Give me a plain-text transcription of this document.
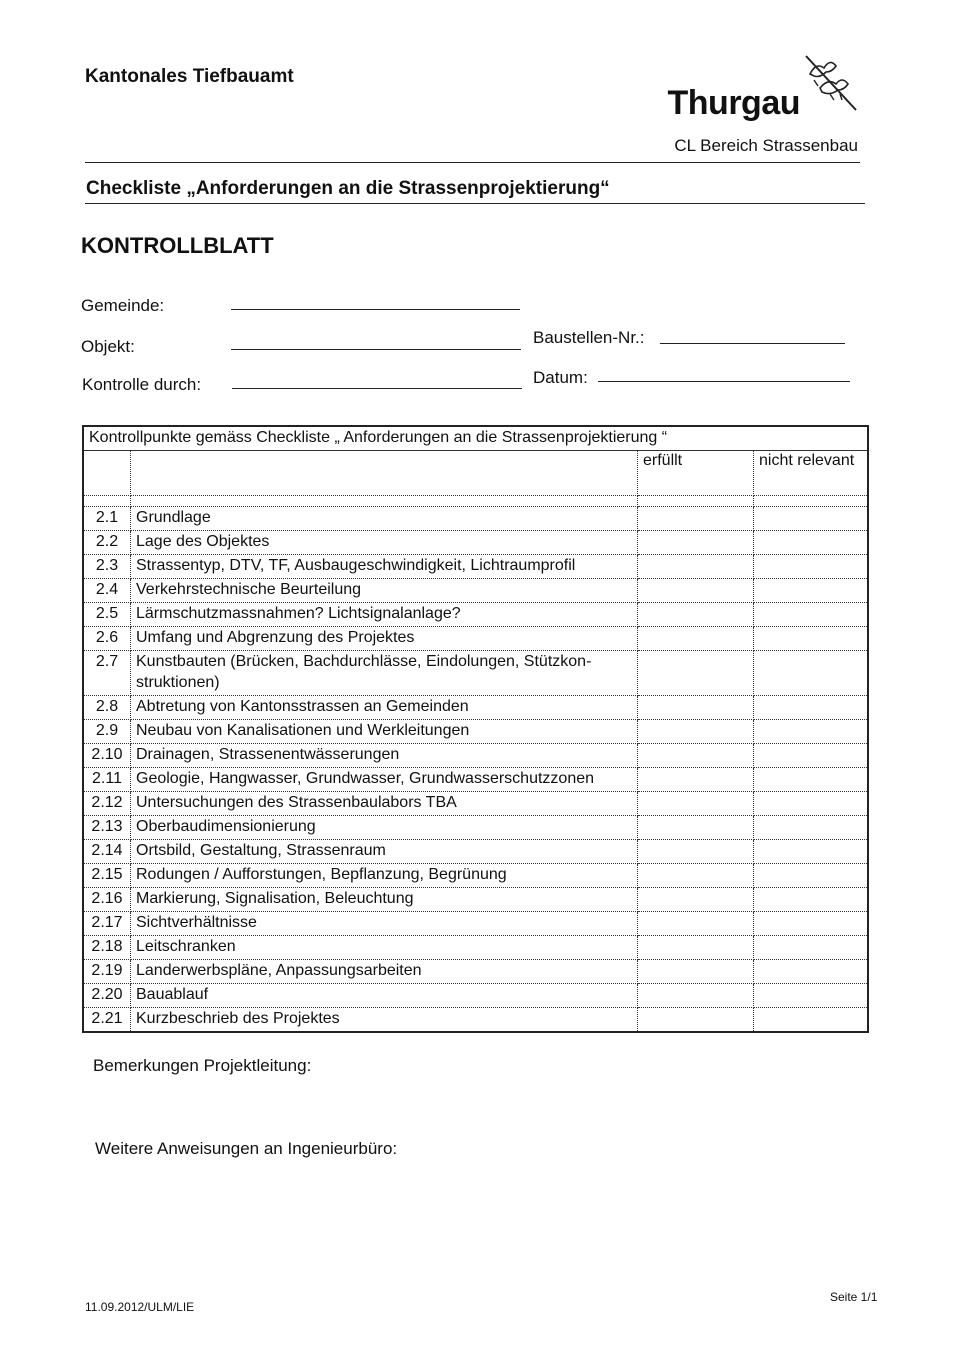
Kantonales Tiefbauamt
Thurgau
CL Bereich Strassenbau
Checkliste „Anforderungen an die Strassenprojektierung“
KONTROLLBLATT
Gemeinde:
Objekt:	Baustellen-Nr.:
Kontrolle durch:	Datum:
Kontrollpunkte gemäss Checkliste „ Anforderungen an die Strassenprojektierung “			
		erfüllt	nicht relevant

2.1	Grundlage		
2.2	Lage des Objektes		
2.3	Strassentyp, DTV, TF, Ausbaugeschwindigkeit, Lichtraumprofil		
2.4	Verkehrstechnische Beurteilung		
2.5	Lärmschutzmassnahmen? Lichtsignalanlage?		
2.6	Umfang und Abgrenzung des Projektes		
2.7	Kunstbauten (Brücken, Bachdurchlässe, Eindolungen, Stützkon-struktionen)		
2.8	Abtretung von Kantonsstrassen an Gemeinden		
2.9	Neubau von Kanalisationen und Werkleitungen		
2.10	Drainagen, Strassenentwässerungen		
2.11	Geologie, Hangwasser, Grundwasser, Grundwasserschutzzonen		
2.12	Untersuchungen des Strassenbaulabors TBA		
2.13	Oberbaudimensionierung		
2.14	Ortsbild, Gestaltung, Strassenraum		
2.15	Rodungen / Aufforstungen, Bepflanzung, Begrünung		
2.16	Markierung, Signalisation, Beleuchtung		
2.17	Sichtverhältnisse		
2.18	Leitschranken		
2.19	Landerwerbspläne, Anpassungsarbeiten		
2.20	Bauablauf		
2.21	Kurzbeschrieb des Projektes		
Bemerkungen Projektleitung:
Weitere Anweisungen an Ingenieurbüro:
11.09.2012/ULM/LIE
Seite 1/1
